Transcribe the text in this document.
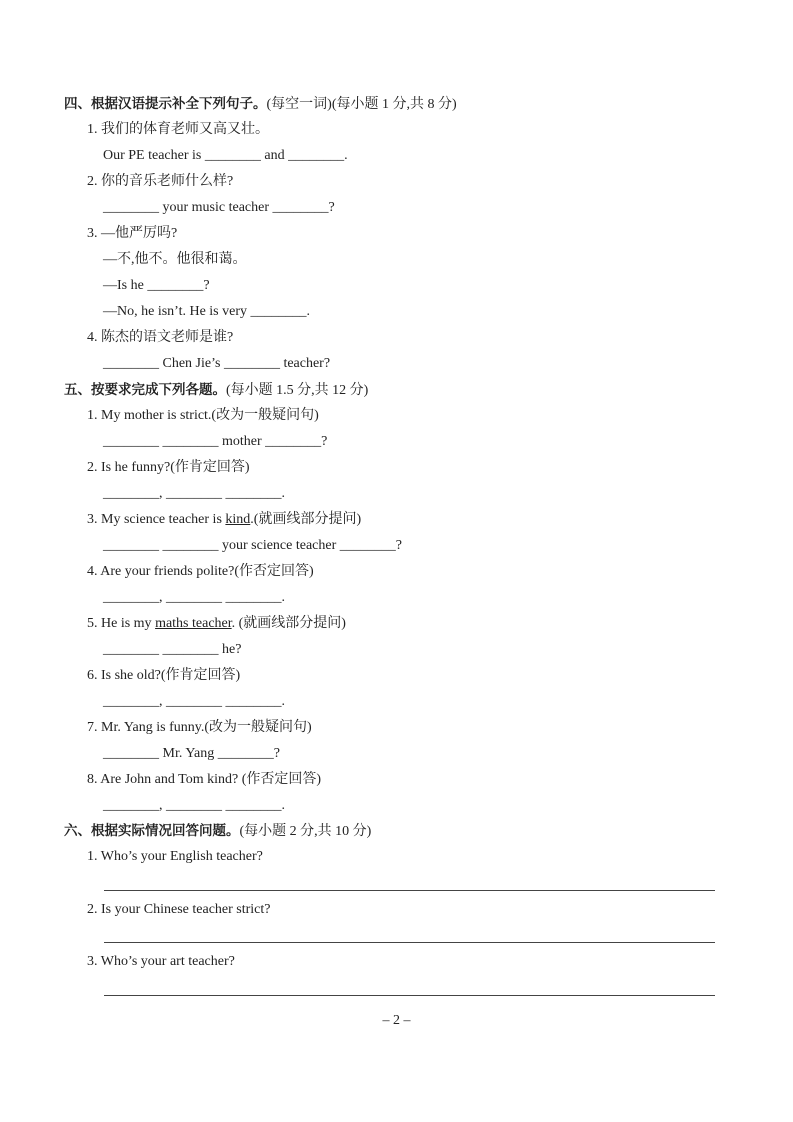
四、根据汉语提示补全下列句子。(每空一词)(每小题 1 分,共 8 分)
1. 我们的体育老师又高又壮。
Our PE teacher is ________ and ________.
2. 你的音乐老师什么样?
________ your music teacher ________?
3. —他严厉吗?
—不,他不。他很和蔼。
—Is he ________?
—No, he isn’t. He is very ________.
4. 陈杰的语文老师是谁?
________ Chen Jie’s ________ teacher?
五、按要求完成下列各题。(每小题 1.5 分,共 12 分)
1. My mother is strict.(改为一般疑问句)
________ ________ mother ________?
2. Is he funny?(作肯定回答)
________, ________ ________.
3. My science teacher is kind.(就画线部分提问)
________ ________ your science teacher ________?
4. Are your friends polite?(作否定回答)
________, ________ ________.
5. He is my maths teacher. (就画线部分提问)
________ ________ he?
6. Is she old?(作肯定回答)
________, ________ ________.
7. Mr. Yang is funny.(改为一般疑问句)
________ Mr. Yang ________?
8. Are John and Tom kind? (作否定回答)
________, ________ ________.
六、根据实际情况回答问题。(每小题 2 分,共 10 分)
1. Who’s your English teacher?
2. Is your Chinese teacher strict?
3. Who’s your art teacher?
– 2 –
